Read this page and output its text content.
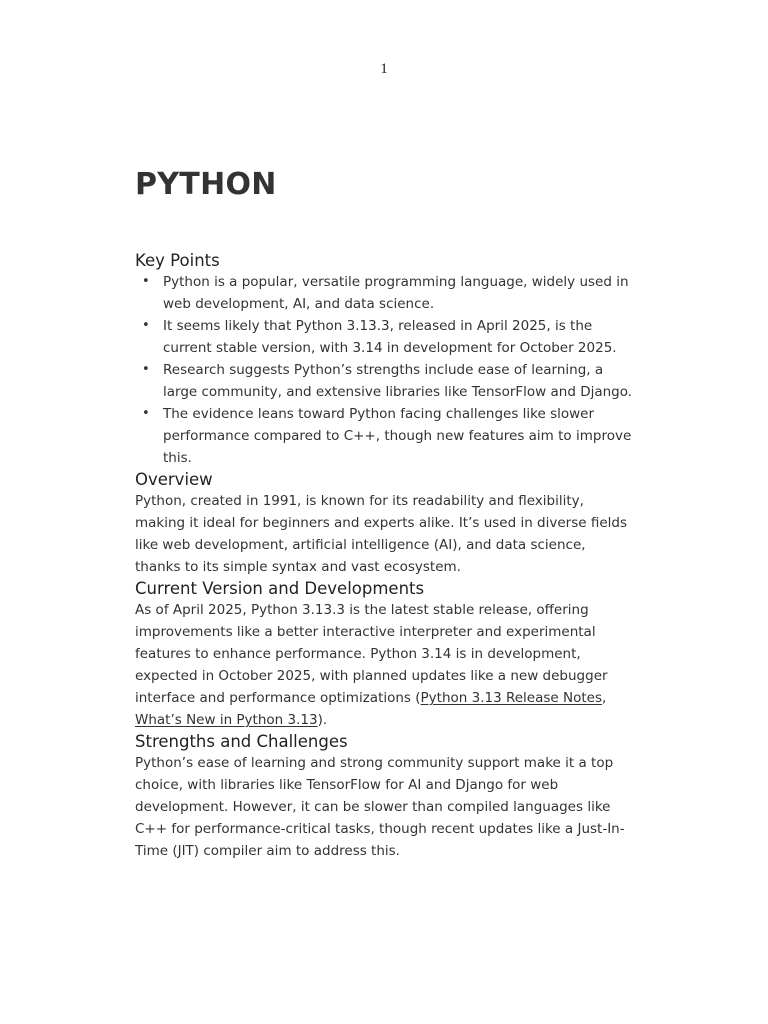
1
PYTHON
Key Points
• Python is a popular, versatile programming language, widely used in web development, AI, and data science.
• It seems likely that Python 3.13.3, released in April 2025, is the current stable version, with 3.14 in development for October 2025.
• Research suggests Python’s strengths include ease of learning, a large community, and extensive libraries like TensorFlow and Django.
• The evidence leans toward Python facing challenges like slower performance compared to C++, though new features aim to improve this.
Overview

Python, created in 1991, is known for its readability and flexibility, making it ideal for beginners and experts alike. It’s used in diverse fields like web development, artificial intelligence (AI), and data science, thanks to its simple syntax and vast ecosystem.

Current Version and Developments

As of April 2025, Python 3.13.3 is the latest stable release, offering improvements like a better interactive interpreter and experimental features to enhance performance. Python 3.14 is in development, expected in October 2025, with planned updates like a new debugger interface and performance optimizations (Python 3.13 Release Notes, What’s New in Python 3.13).

Strengths and Challenges

Python’s ease of learning and strong community support make it a top choice, with libraries like TensorFlow for AI and Django for web development. However, it can be slower than compiled languages like C++ for performance-critical tasks, though recent updates like a Just-In-Time (JIT) compiler aim to address this.
